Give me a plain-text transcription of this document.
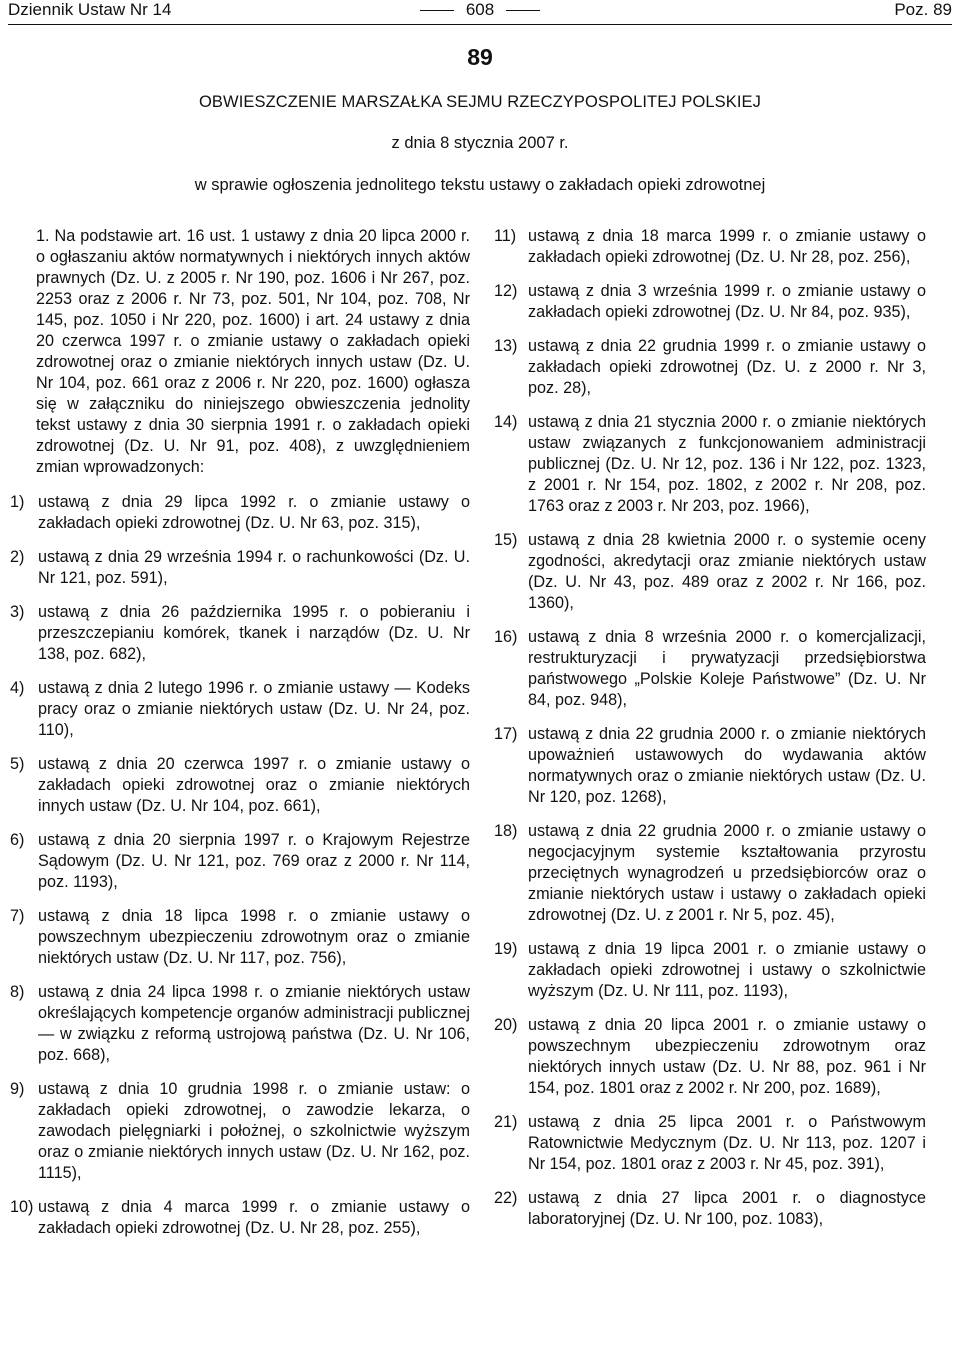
Dziennik Ustaw Nr 14	608	Poz. 89
89
OBWIESZCZENIE MARSZAŁKA SEJMU RZECZYPOSPOLITEJ POLSKIEJ
z dnia 8 stycznia 2007 r.
w sprawie ogłoszenia jednolitego tekstu ustawy o zakładach opieki zdrowotnej

1. Na podstawie art. 16 ust. 1 ustawy z dnia 20 lipca 2000 r. o ogłaszaniu aktów normatywnych i niektórych innych aktów prawnych (Dz. U. z 2005 r. Nr 190, poz. 1606 i Nr 267, poz. 2253 oraz z 2006 r. Nr 73, poz. 501, Nr 104, poz. 708, Nr 145, poz. 1050 i Nr 220, poz. 1600) i art. 24 ustawy z dnia 20 czerwca 1997 r. o zmianie ustawy o zakładach opieki zdrowotnej oraz o zmianie niektórych innych ustaw (Dz. U. Nr 104, poz. 661 oraz z 2006 r. Nr 220, poz. 1600) ogłasza się w załączniku do niniejszego obwieszczenia jednolity tekst ustawy z dnia 30 sierpnia 1991 r. o zakładach opieki zdrowotnej (Dz. U. Nr 91, poz. 408), z uwzględnieniem zmian wprowadzonych:

1) ustawą z dnia 29 lipca 1992 r. o zmianie ustawy o zakładach opieki zdrowotnej (Dz. U. Nr 63, poz. 315),
2) ustawą z dnia 29 września 1994 r. o rachunkowości (Dz. U. Nr 121, poz. 591),
3) ustawą z dnia 26 października 1995 r. o pobieraniu i przeszczepianiu komórek, tkanek i narządów (Dz. U. Nr 138, poz. 682),
4) ustawą z dnia 2 lutego 1996 r. o zmianie ustawy — Kodeks pracy oraz o zmianie niektórych ustaw (Dz. U. Nr 24, poz. 110),
5) ustawą z dnia 20 czerwca 1997 r. o zmianie ustawy o zakładach opieki zdrowotnej oraz o zmianie niektórych innych ustaw (Dz. U. Nr 104, poz. 661),
6) ustawą z dnia 20 sierpnia 1997 r. o Krajowym Rejestrze Sądowym (Dz. U. Nr 121, poz. 769 oraz z 2000 r. Nr 114, poz. 1193),
7) ustawą z dnia 18 lipca 1998 r. o zmianie ustawy o powszechnym ubezpieczeniu zdrowotnym oraz o zmianie niektórych ustaw (Dz. U. Nr 117, poz. 756),
8) ustawą z dnia 24 lipca 1998 r. o zmianie niektórych ustaw określających kompetencje organów administracji publicznej — w związku z reformą ustrojową państwa (Dz. U. Nr 106, poz. 668),
9) ustawą z dnia 10 grudnia 1998 r. o zmianie ustaw: o zakładach opieki zdrowotnej, o zawodzie lekarza, o zawodach pielęgniarki i położnej, o szkolnictwie wyższym oraz o zmianie niektórych innych ustaw (Dz. U. Nr 162, poz. 1115),
10) ustawą z dnia 4 marca 1999 r. o zmianie ustawy o zakładach opieki zdrowotnej (Dz. U. Nr 28, poz. 255),
11) ustawą z dnia 18 marca 1999 r. o zmianie ustawy o zakładach opieki zdrowotnej (Dz. U. Nr 28, poz. 256),
12) ustawą z dnia 3 września 1999 r. o zmianie ustawy o zakładach opieki zdrowotnej (Dz. U. Nr 84, poz. 935),
13) ustawą z dnia 22 grudnia 1999 r. o zmianie ustawy o zakładach opieki zdrowotnej (Dz. U. z 2000 r. Nr 3, poz. 28),
14) ustawą z dnia 21 stycznia 2000 r. o zmianie niektórych ustaw związanych z funkcjonowaniem administracji publicznej (Dz. U. Nr 12, poz. 136 i Nr 122, poz. 1323, z 2001 r. Nr 154, poz. 1802, z 2002 r. Nr 208, poz. 1763 oraz z 2003 r. Nr 203, poz. 1966),
15) ustawą z dnia 28 kwietnia 2000 r. o systemie oceny zgodności, akredytacji oraz zmianie niektórych ustaw (Dz. U. Nr 43, poz. 489 oraz z 2002 r. Nr 166, poz. 1360),
16) ustawą z dnia 8 września 2000 r. o komercjalizacji, restrukturyzacji i prywatyzacji przedsiębiorstwa państwowego „Polskie Koleje Państwowe” (Dz. U. Nr 84, poz. 948),
17) ustawą z dnia 22 grudnia 2000 r. o zmianie niektórych upoważnień ustawowych do wydawania aktów normatywnych oraz o zmianie niektórych ustaw (Dz. U. Nr 120, poz. 1268),
18) ustawą z dnia 22 grudnia 2000 r. o zmianie ustawy o negocjacyjnym systemie kształtowania przyrostu przeciętnych wynagrodzeń u przedsiębiorców oraz o zmianie niektórych ustaw i ustawy o zakładach opieki zdrowotnej (Dz. U. z 2001 r. Nr 5, poz. 45),
19) ustawą z dnia 19 lipca 2001 r. o zmianie ustawy o zakładach opieki zdrowotnej i ustawy o szkolnictwie wyższym (Dz. U. Nr 111, poz. 1193),
20) ustawą z dnia 20 lipca 2001 r. o zmianie ustawy o powszechnym ubezpieczeniu zdrowotnym oraz niektórych innych ustaw (Dz. U. Nr 88, poz. 961 i Nr 154, poz. 1801 oraz z 2002 r. Nr 200, poz. 1689),
21) ustawą z dnia 25 lipca 2001 r. o Państwowym Ratownictwie Medycznym (Dz. U. Nr 113, poz. 1207 i Nr 154, poz. 1801 oraz z 2003 r. Nr 45, poz. 391),
22) ustawą z dnia 27 lipca 2001 r. o diagnostyce laboratoryjnej (Dz. U. Nr 100, poz. 1083),
